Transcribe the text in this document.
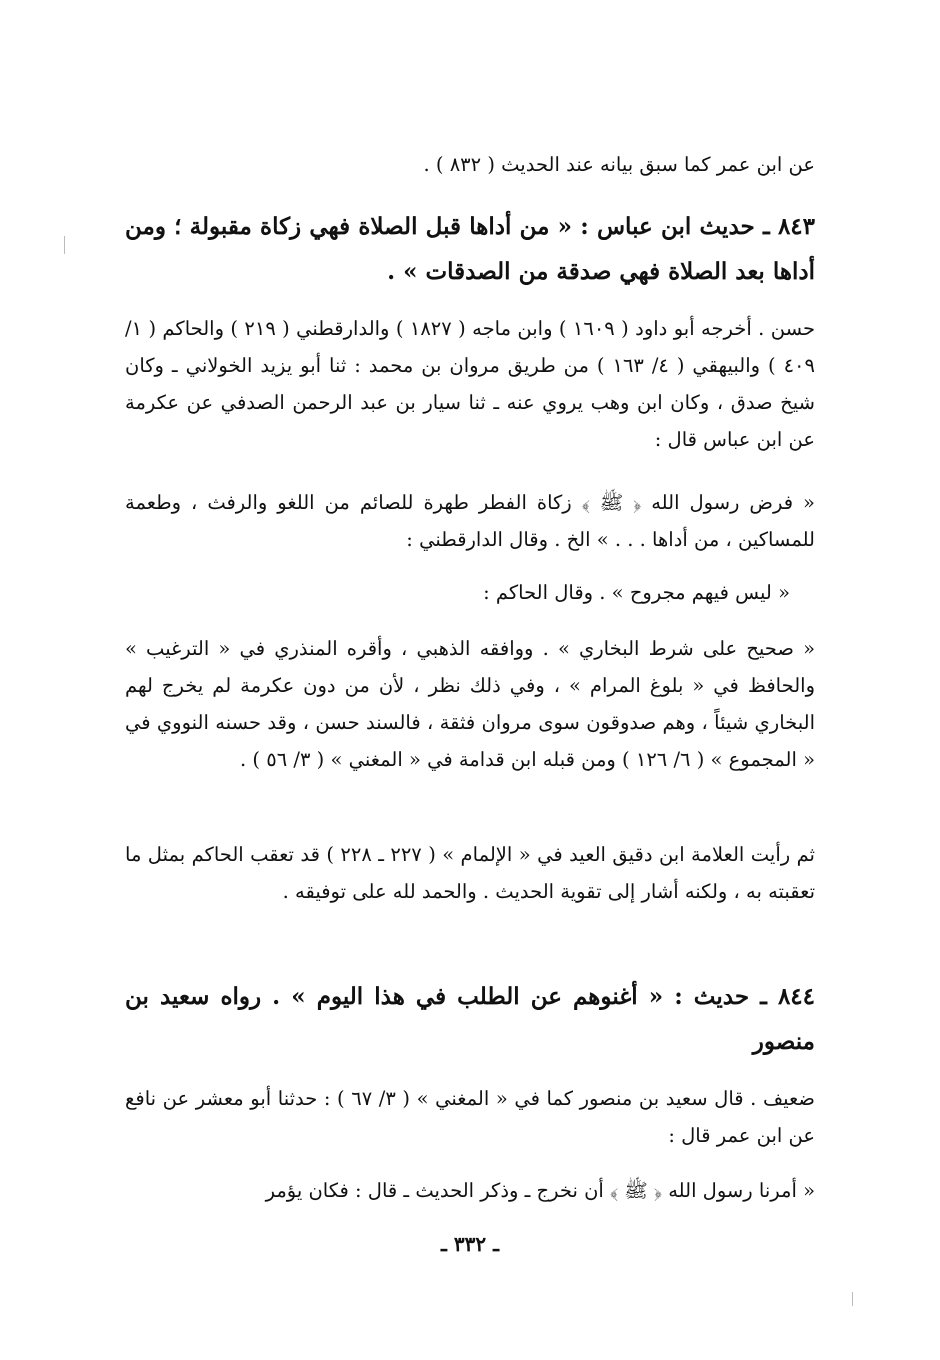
عن ابن عمر كما سبق بيانه عند الحديث ( ٨٣٢ ) .

٨٤٣ ـ حديث ابن عباس : « من أداها قبل الصلاة فهي زكاة مقبولة ؛ ومن أداها بعد الصلاة فهي صدقة من الصدقات » .

حسن . أخرجه أبو داود ( ١٦٠٩ ) وابن ماجه ( ١٨٢٧ ) والدارقطني ( ٢١٩ ) والحاكم ( ١/ ٤٠٩ ) والبيهقي ( ٤/ ١٦٣ ) من طريق مروان بن محمد : ثنا أبو يزيد الخولاني ـ وكان شيخ صدق ، وكان ابن وهب يروي عنه ـ ثنا سيار بن عبد الرحمن الصدفي عن عكرمة عن ابن عباس قال :

« فرض رسول الله ﴿ ﷺ ﴾ زكاة الفطر طهرة للصائم من اللغو والرفث ، وطعمة للمساكين ، من أداها . . . » الخ . وقال الدارقطني :

« ليس فيهم مجروح » . وقال الحاكم :

« صحيح على شرط البخاري » . ووافقه الذهبي ، وأقره المنذري في « الترغيب » والحافظ في « بلوغ المرام » ، وفي ذلك نظر ، لأن من دون عكرمة لم يخرج لهم البخاري شيئاً ، وهم صدوقون سوى مروان فثقة ، فالسند حسن ، وقد حسنه النووي في « المجموع » ( ٦/ ١٢٦ ) ومن قبله ابن قدامة في « المغني » ( ٣/ ٥٦ ) .

ثم رأيت العلامة ابن دقيق العيد في « الإلمام » ( ٢٢٧ ـ ٢٢٨ ) قد تعقب الحاكم بمثل ما تعقبته به ، ولكنه أشار إلى تقوية الحديث . والحمد لله على توفيقه .

٨٤٤ ـ حديث : « أغنوهم عن الطلب في هذا اليوم » . رواه سعيد بن منصور

ضعيف . قال سعيد بن منصور كما في « المغني » ( ٣/ ٦٧ ) : حدثنا أبو معشر عن نافع عن ابن عمر قال :

« أمرنا رسول الله ﴿ ﷺ ﴾ أن نخرج ـ وذكر الحديث ـ قال : فكان يؤمر

ـ ٣٣٢ ـ
